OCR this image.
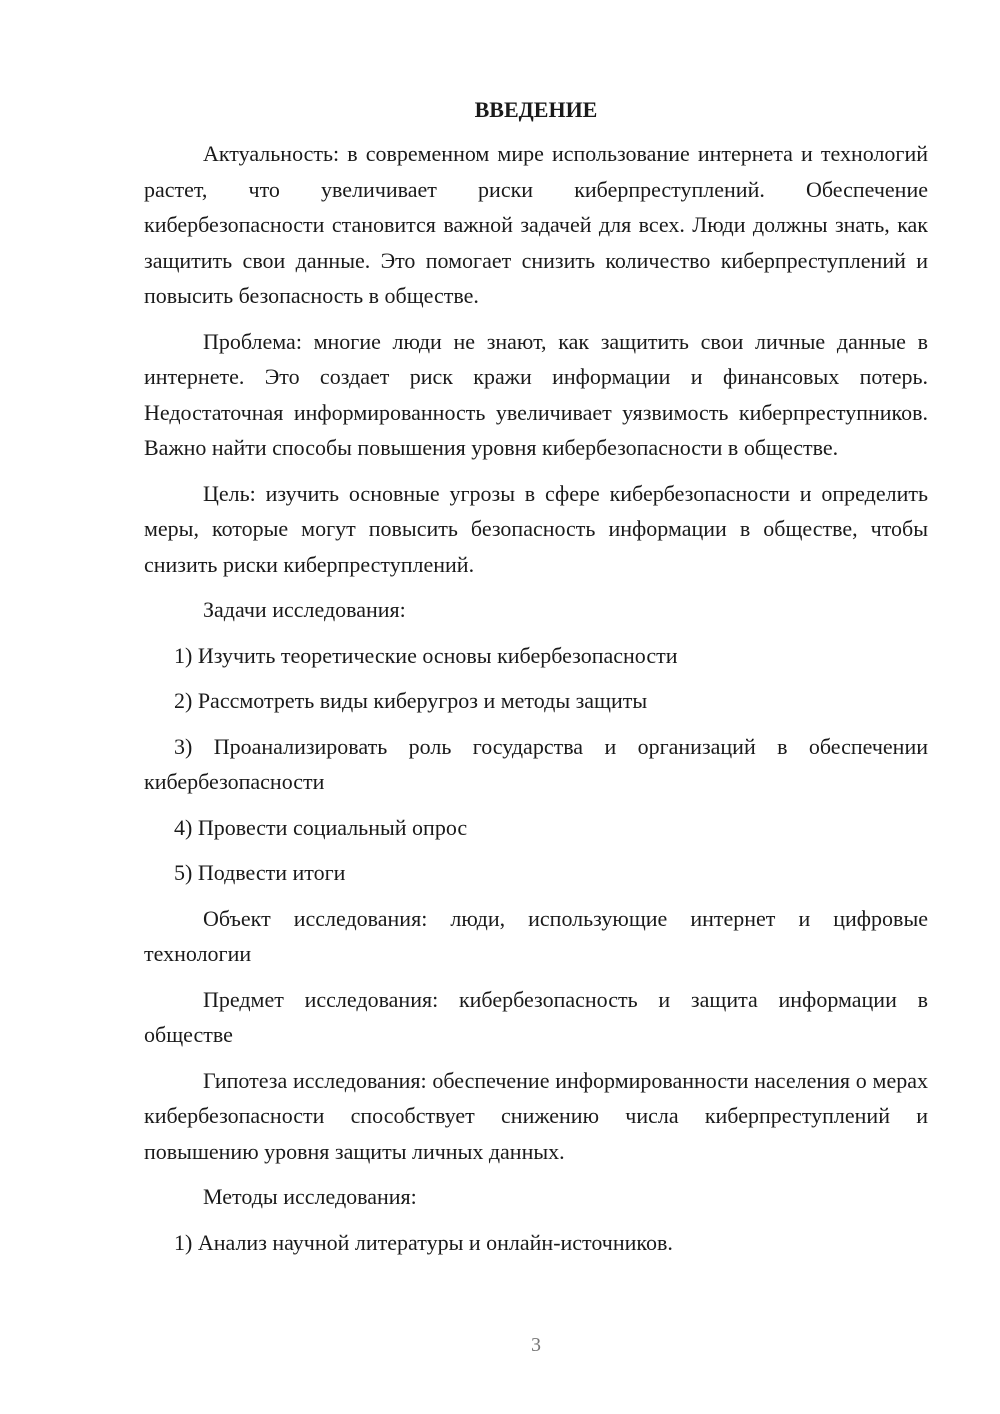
ВВЕДЕНИЕ

Актуальность: в современном мире использование интернета и технологий растет, что увеличивает риски киберпреступлений. Обеспечение кибербезопасности становится важной задачей для всех. Люди должны знать, как защитить свои данные. Это помогает снизить количество киберпреступлений и повысить безопасность в обществе.

Проблема: многие люди не знают, как защитить свои личные данные в интернете. Это создает риск кражи информации и финансовых потерь. Недостаточная информированность увеличивает уязвимость киберпреступников. Важно найти способы повышения уровня кибербезопасности в обществе.

Цель: изучить основные угрозы в сфере кибербезопасности и определить меры, которые могут повысить безопасность информации в обществе, чтобы снизить риски киберпреступлений.

Задачи исследования:

1) Изучить теоретические основы кибербезопасности

2) Рассмотреть виды киберугроз и методы защиты

3) Проанализировать роль государства и организаций в обеспечении кибербезопасности

4) Провести социальный опрос

5) Подвести итоги

Объект исследования: люди, использующие интернет и цифровые технологии

Предмет исследования: кибербезопасность и защита информации в обществе

Гипотеза исследования: обеспечение информированности населения о мерах кибербезопасности способствует снижению числа киберпреступлений и повышению уровня защиты личных данных.

Методы исследования:

1) Анализ научной литературы и онлайн-источников.

3
